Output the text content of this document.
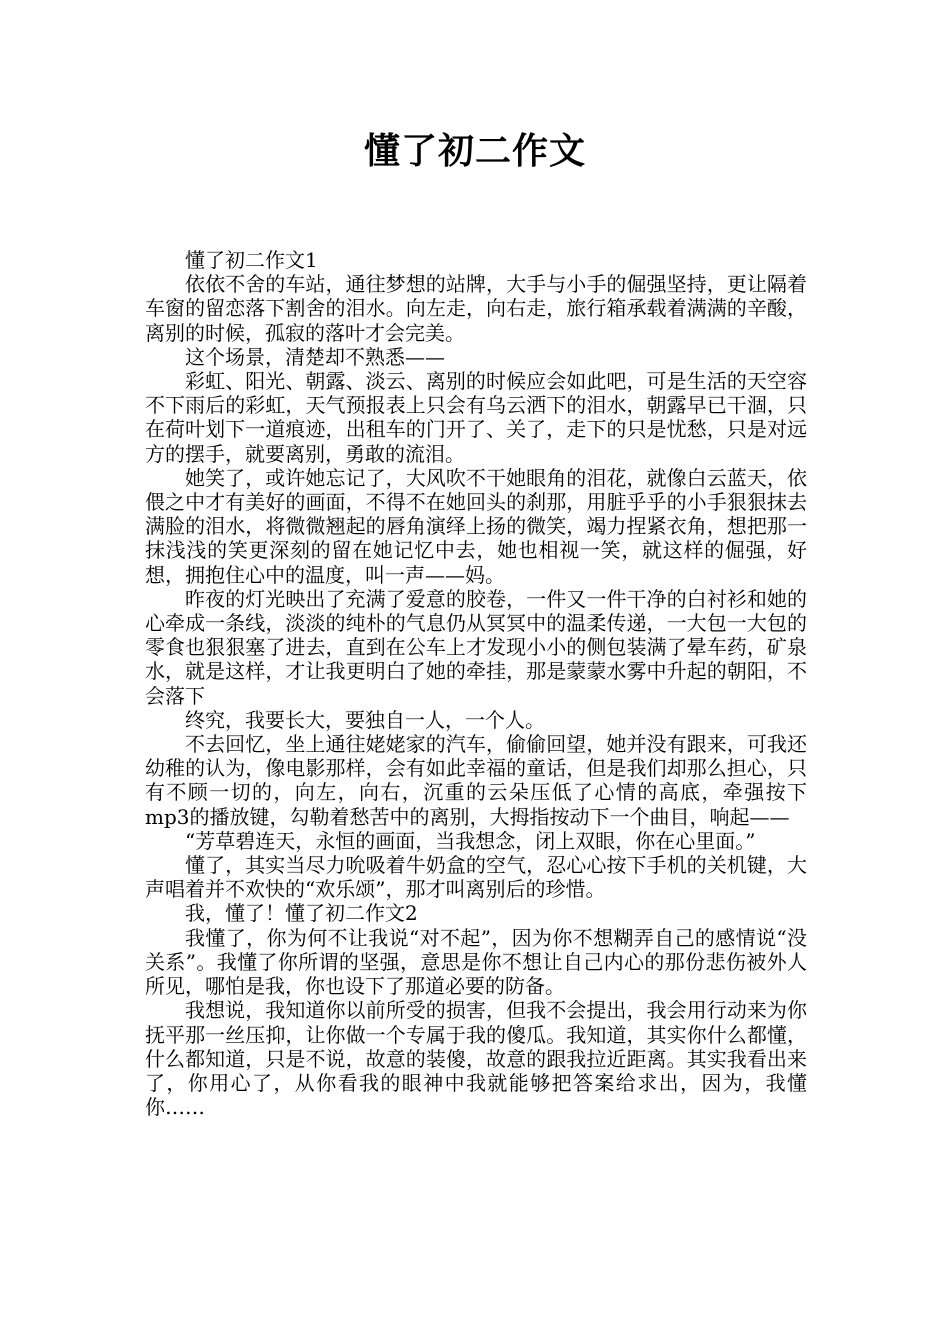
懂了初二作文

懂了初二作文1

依依不舍的车站，通往梦想的站牌，大手与小手的倔强坚持，更让隔着车窗的留恋落下割舍的泪水。向左走，向右走，旅行箱承载着满满的辛酸，离别的时候，孤寂的落叶才会完美。

这个场景，清楚却不熟悉——

彩虹、阳光、朝露、淡云、离别的时候应会如此吧，可是生活的天空容不下雨后的彩虹，天气预报表上只会有乌云洒下的泪水，朝露早已干涸，只在荷叶划下一道痕迹，出租车的门开了、关了，走下的只是忧愁，只是对远方的摆手，就要离别，勇敢的流泪。

她笑了，或许她忘记了，大风吹不干她眼角的泪花，就像白云蓝天，依偎之中才有美好的画面，不得不在她回头的刹那，用脏乎乎的小手狠狠抹去满脸的泪水，将微微翘起的唇角演绎上扬的微笑，竭力捏紧衣角，想把那一抹浅浅的笑更深刻的留在她记忆中去，她也相视一笑，就这样的倔强，好想，拥抱住心中的温度，叫一声——妈。

昨夜的灯光映出了充满了爱意的胶卷，一件又一件干净的白衬衫和她的心牵成一条线，淡淡的纯朴的气息仍从冥冥中的温柔传递，一大包一大包的零食也狠狠塞了进去，直到在公车上才发现小小的侧包装满了晕车药，矿泉水，就是这样，才让我更明白了她的牵挂，那是蒙蒙水雾中升起的朝阳，不会落下

终究，我要长大，要独自一人，一个人。

不去回忆，坐上通往姥姥家的汽车，偷偷回望，她并没有跟来，可我还幼稚的认为，像电影那样，会有如此幸福的童话，但是我们却那么担心，只有不顾一切的，向左，向右，沉重的云朵压低了心情的高底，牵强按下mp3的播放键，勾勒着愁苦中的离别，大拇指按动下一个曲目，响起——

“芳草碧连天，永恒的画面，当我想念，闭上双眼，你在心里面。”

懂了，其实当尽力吮吸着牛奶盒的空气，忍心心按下手机的关机键，大声唱着并不欢快的“欢乐颂”，那才叫离别后的珍惜。

我，懂了！懂了初二作文2

我懂了，你为何不让我说“对不起”，因为你不想糊弄自己的感情说“没关系”。我懂了你所谓的坚强，意思是你不想让自己内心的那份悲伤被外人所见，哪怕是我，你也设下了那道必要的防备。

我想说，我知道你以前所受的损害，但我不会提出，我会用行动来为你抚平那一丝压抑，让你做一个专属于我的傻瓜。我知道，其实你什么都懂，什么都知道，只是不说，故意的装傻，故意的跟我拉近距离。其实我看出来了，你用心了，从你看我的眼神中我就能够把答案给求出，因为，我懂你……
